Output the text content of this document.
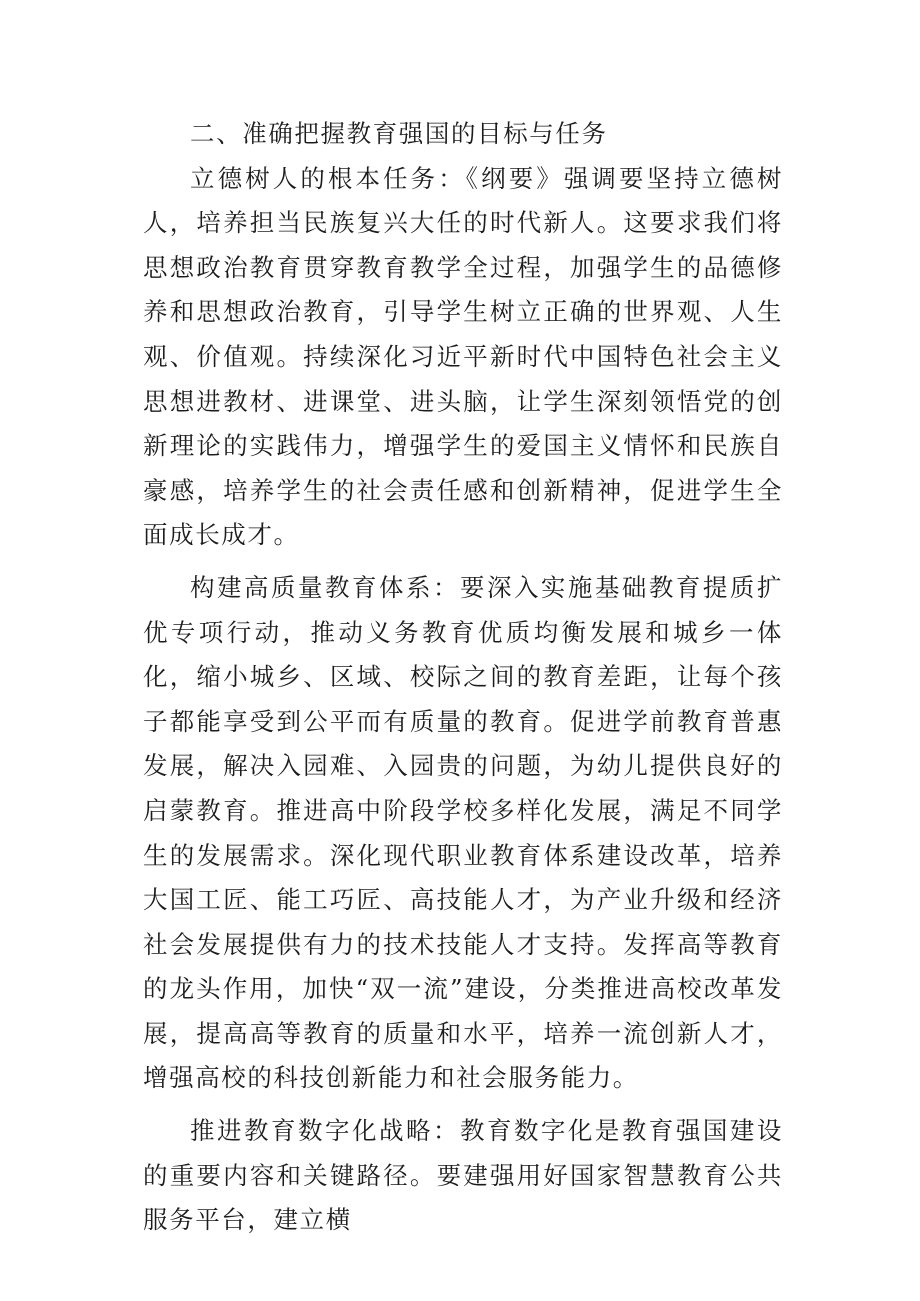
二、准确把握教育强国的目标与任务

立德树人的根本任务：《纲要》强调要坚持立德树人，培养担当民族复兴大任的时代新人。这要求我们将思想政治教育贯穿教育教学全过程，加强学生的品德修养和思想政治教育，引导学生树立正确的世界观、人生观、价值观。持续深化习近平新时代中国特色社会主义思想进教材、进课堂、进头脑，让学生深刻领悟党的创新理论的实践伟力，增强学生的爱国主义情怀和民族自豪感，培养学生的社会责任感和创新精神，促进学生全面成长成才。

构建高质量教育体系：要深入实施基础教育提质扩优专项行动，推动义务教育优质均衡发展和城乡一体化，缩小城乡、区域、校际之间的教育差距，让每个孩子都能享受到公平而有质量的教育。促进学前教育普惠发展，解决入园难、入园贵的问题，为幼儿提供良好的启蒙教育。推进高中阶段学校多样化发展，满足不同学生的发展需求。深化现代职业教育体系建设改革，培养大国工匠、能工巧匠、高技能人才，为产业升级和经济社会发展提供有力的技术技能人才支持。发挥高等教育的龙头作用，加快“双一流”建设，分类推进高校改革发展，提高高等教育的质量和水平，培养一流创新人才，增强高校的科技创新能力和社会服务能力。

推进教育数字化战略：教育数字化是教育强国建设的重要内容和关键路径。要建强用好国家智慧教育公共服务平台，建立横
